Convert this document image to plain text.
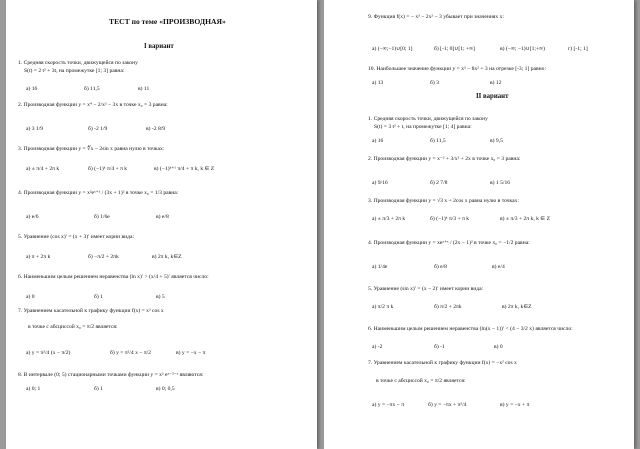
ТЕСТ по теме «ПРОИЗВОДНАЯ»
I вариант
1. Средняя скорость точки, движущейся по закону
S(t) = 2 t² + 3t, на промежутке [1; 3] равна:
а) 16	б) 11,5	в) 11
2. Производная функции y = x⁴ − 2/x² − 3x в точке x₀ = 3 равна:
а) 3 1/9	б) -2 1/9	в) -2 8/9
3. Производная функции y = ∜x − 2sin x равна нулю в точках:
а) ± π/4 + 2π k	б) (−1)ᵏ π/4 + π k	в) (−1)ᵏ⁺¹ π/4 + π k, k ∈ Z
4. Производная функции y = x²eˣ⁺¹ / (3x + 1)² в точке x₀ = 1/3 равна:
а) e/6	б) 1/6e	в) e/8
5. Уравнение (cos x)′ = (x + 3)′ имеет корни вида:
а) π + 2π k	б) −π/2 + 2πk	в) 2π k, k∈Z
6. Наименьшим целым решением неравенства (ln x)′ > (x/4 + 5)′ является число:
а) 0	б) 1	в) 5
7. Уравнением касательной к графику функции f(x) = x² cos x
в точке с абсциссой x₀ = π/2 является:
а) y = π²/4 (x − π/2)	б) y = π²/4 x − π/2	в) y = −x − π
8. В интервале (0; 5) стационарными точками функции y = x² eˣ⁻²⁻ˣ являются:
а) 0; 1	б) 1	в) 0; 0,5
9. Функция f(x) = − x³ − 2x² − 3 убывает при значениях x:
а) (−∞;−1)∪[0; 1]	б) [-1; 0]∪[1; +∞]	в) (−∞; −1)∪[1;+∞)	г) [-1; 1]
10. Наибольшее значение функции y = x³ − 8x² + 3 на отрезке [-3; 1] равно:
а) 13	б) 3	в) 12
II вариант
1. Средняя скорость точки, движущейся по закону
S(t) = 3 t² + t, на промежутке [1; 4] равна:
а) 16	б) 11,5	в) 9,5
2. Производная функции y = x⁻² + 3/x² + 2x в точке x₀ = 3 равна:
а) 9/16	б) 2 7/8	в) 1 5/16
3. Производная функции y = √3 x + 2cos x равна нулю в точках:
а) ± π/3 + 2π k	б) (−1)ᵏ π/3 + π k	в) ± π/3 + 2π k, k ∈ Z
4. Производная функции y = xeˣ⁺ˣ / (2x − 1)² в точке x₀ = −1/2 равна:
а) 1/4e	б) e/8	в) e/4
5. Уравнение (sin x)′ = (x − 2)′ имеет корни вида:
а) π/2 π k	б) π/2 + 2πk	в) 2π k, k∈Z
6. Наименьшим целым решением неравенства (ln(x − 1))′ < (4 − 3/2 x) является число:
а) -2	б) -1	в) 0
7. Уравнением касательной к графику функции f(x) = −x² cos x
в точке с абсциссой x₀ = π/2 является:
а) y = −πx − π	б) y = −πx + π²/4	в) y = −x + π
